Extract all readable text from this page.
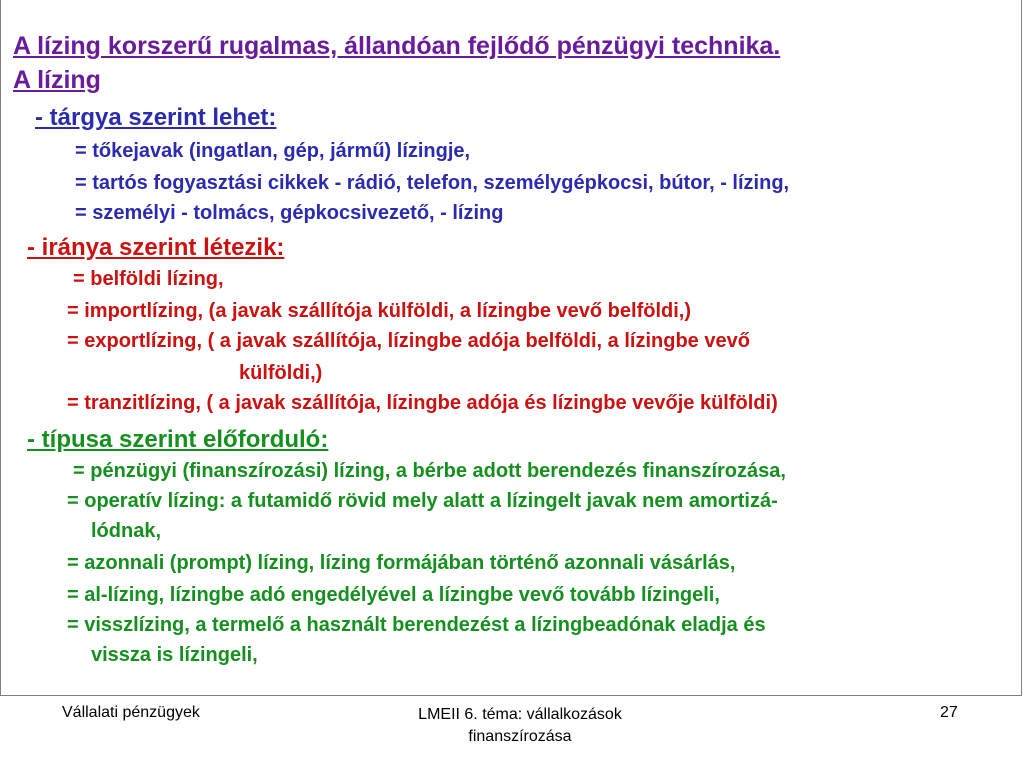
A lízing korszerű rugalmas, állandóan fejlődő pénzügyi technika.

A lízing

- tárgya szerint lehet:

= tőkejavak (ingatlan, gép, jármű) lízingje,

= tartós fogyasztási cikkek - rádió, telefon, személygépkocsi, bútor, - lízing,

= személyi - tolmács, gépkocsivezető, - lízing

- iránya szerint létezik:

= belföldi lízing,

= importlízing, (a javak szállítója külföldi, a lízingbe vevő belföldi,)

= exportlízing, ( a javak szállítója, lízingbe adója belföldi, a lízingbe vevő

külföldi,)

= tranzitlízing, ( a javak szállítója, lízingbe adója és lízingbe vevője külföldi)

- típusa szerint előforduló:

= pénzügyi (finanszírozási) lízing, a bérbe adott berendezés finanszírozása,

= operatív lízing: a futamidő rövid mely alatt a lízingelt javak nem amortizá-

lódnak,

= azonnali (prompt) lízing, lízing formájában történő azonnali vásárlás,

= al-lízing, lízingbe adó engedélyével a lízingbe vevő tovább lízingeli,

= visszlízing, a termelő a használt berendezést a lízingbeadónak eladja és

vissza is lízingeli,

Vállalati pénzügyek	LMEII 6. téma: vállalkozások
finanszírozása
27
